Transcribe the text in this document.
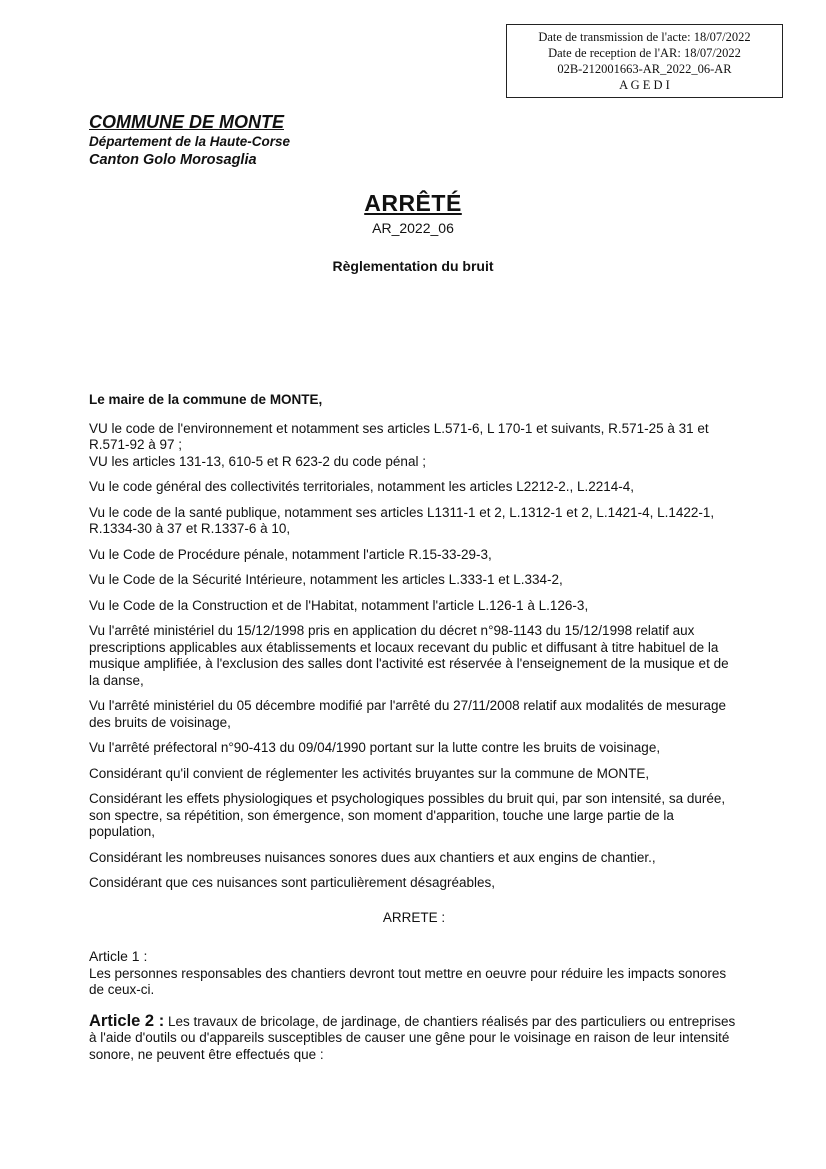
Date de transmission de l'acte: 18/07/2022
Date de reception de l'AR: 18/07/2022
02B-212001663-AR_2022_06-AR
A G E D I
COMMUNE DE MONTE
Département de la Haute-Corse
Canton Golo Morosaglia
ARRÊTÉ
AR_2022_06
Règlementation du bruit

Le maire de la commune de MONTE,

VU le code de l'environnement et notamment ses articles L.571-6, L 170-1 et suivants, R.571-25 à 31 et R.571-92 à 97 ;
VU les articles 131-13, 610-5 et R 623-2 du code pénal ;

Vu le code général des collectivités territoriales, notamment les articles L2212-2., L.2214-4,

Vu le code de la santé publique, notamment ses articles L1311-1 et 2, L.1312-1 et 2, L.1421-4, L.1422-1, R.1334-30 à 37 et R.1337-6 à 10,

Vu le Code de Procédure pénale, notamment l'article R.15-33-29-3,

Vu le Code de la Sécurité Intérieure, notamment les articles L.333-1 et L.334-2,

Vu le Code de la Construction et de l'Habitat, notamment l'article L.126-1 à L.126-3,

Vu l'arrêté ministériel du 15/12/1998 pris en application du décret n°98-1143 du 15/12/1998 relatif aux prescriptions applicables aux établissements et locaux recevant du public et diffusant à titre habituel de la musique amplifiée, à l'exclusion des salles dont l'activité est réservée à l'enseignement de la musique et de la danse,

Vu l'arrêté ministériel du 05 décembre modifié par l'arrêté du 27/11/2008 relatif aux modalités de mesurage des bruits de voisinage,

Vu l'arrêté préfectoral n°90-413 du 09/04/1990 portant sur la lutte contre les bruits de voisinage,

Considérant qu'il convient de réglementer les activités bruyantes sur la commune de MONTE,

Considérant les effets physiologiques et psychologiques possibles du bruit qui, par son intensité, sa durée, son spectre, sa répétition, son émergence, son moment d'apparition, touche une large partie de la population,

Considérant les nombreuses nuisances sonores dues aux chantiers et aux engins de chantier.,

Considérant que ces nuisances sont particulièrement désagréables,

ARRETE :

Article 1 :
Les personnes responsables des chantiers devront tout mettre en oeuvre pour réduire les impacts sonores de ceux-ci.

Article 2 : Les travaux de bricolage, de jardinage, de chantiers réalisés par des particuliers ou entreprises à l'aide d'outils ou d'appareils susceptibles de causer une gêne pour le voisinage en raison de leur intensité sonore, ne peuvent être effectués que :
